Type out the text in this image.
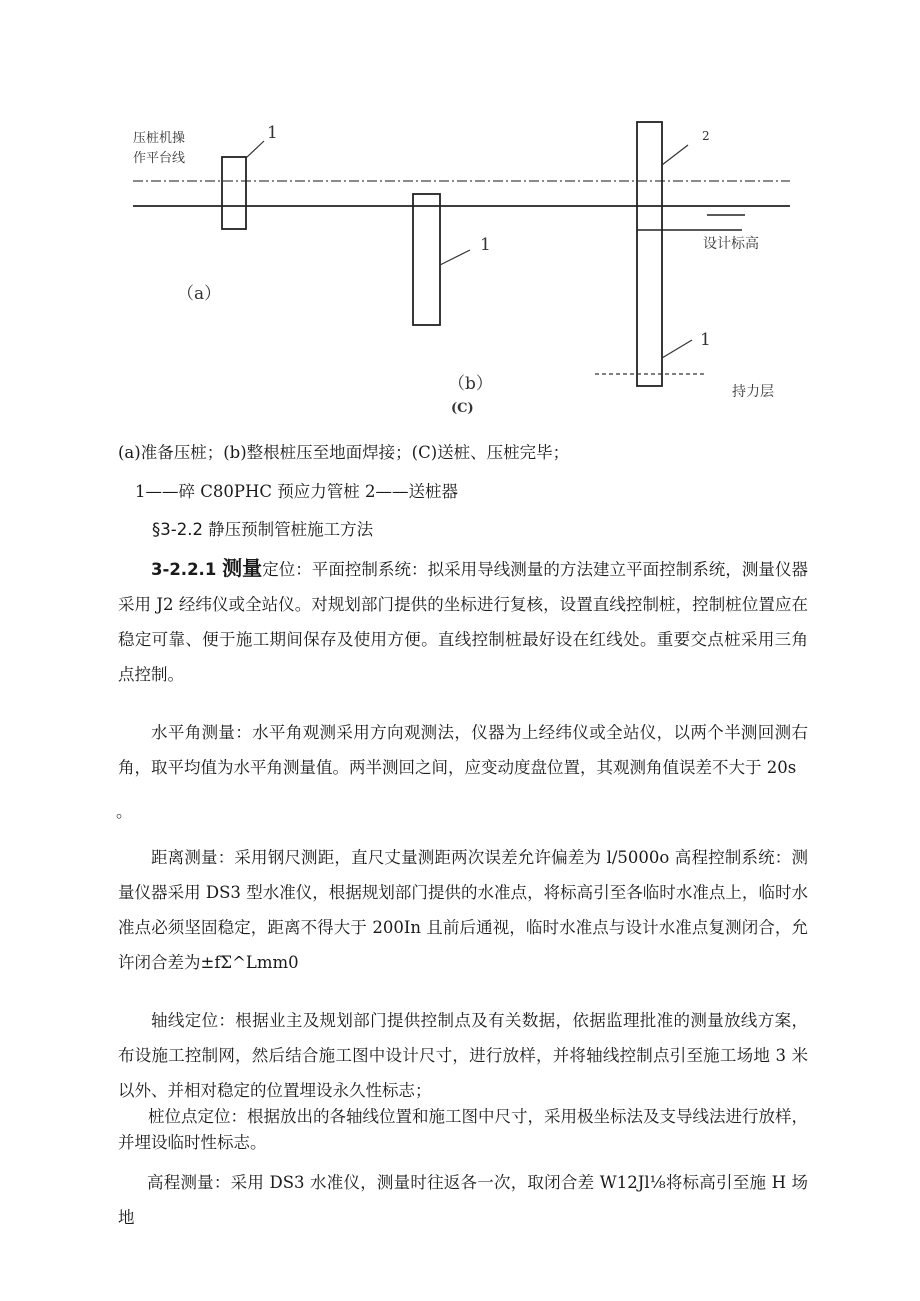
压桩机操
作平台线
1
1
2
1
设计标高
持力层
（a）
（b）
(C)
(a)准备压桩；(b)整根桩压至地面焊接；(C)送桩、压桩完毕；
1——碎 C80PHC 预应力管桩 2——送桩器
§3-2.2 静压预制管桩施工方法
3-2.2.1 测量定位：平面控制系统：拟采用导线测量的方法建立平面控制系统，测量仪器采用 J2 经纬仪或全站仪。对规划部门提供的坐标进行复核，设置直线控制桩，控制桩位置应在稳定可靠、便于施工期间保存及使用方便。直线控制桩最好设在红线处。重要交点桩采用三角点控制。
水平角测量：水平角观测采用方向观测法，仪器为上经纬仪或全站仪，以两个半测回测右角，取平均值为水平角测量值。两半测回之间，应变动度盘位置，其观测角值误差不大于 20s
。
距离测量：采用钢尺测距，直尺丈量测距两次误差允许偏差为 l/5000o 高程控制系统：测量仪器采用 DS3 型水准仪，根据规划部门提供的水准点，将标高引至各临时水准点上，临时水准点必须坚固稳定，距离不得大于 200In 且前后通视，临时水准点与设计水准点复测闭合，允许闭合差为±fΣ^Lmm0
轴线定位：根据业主及规划部门提供控制点及有关数据，依据监理批准的测量放线方案，布设施工控制网，然后结合施工图中设计尺寸，进行放样，并将轴线控制点引至施工场地 3 米以外、并相对稳定的位置埋设永久性标志；
桩位点定位：根据放出的各轴线位置和施工图中尺寸，采用极坐标法及支导线法进行放样，并埋设临时性标志。
高程测量：采用 DS3 水准仪，测量时往返各一次，取闭合差 W12Jl⅛将标高引至施 H 场地
